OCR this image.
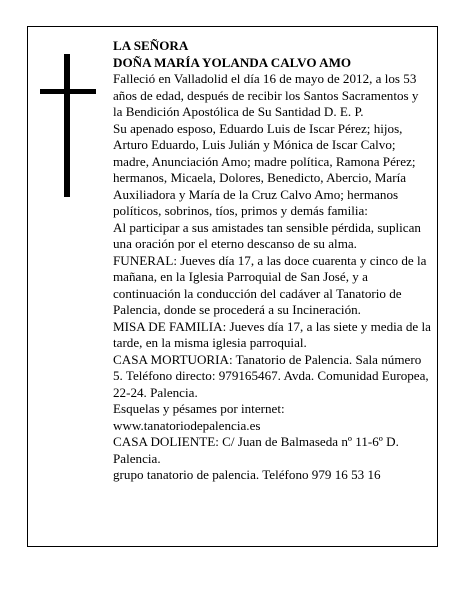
LA SEÑORA

DOÑA MARÍA YOLANDA CALVO AMO

Falleció en Valladolid el día 16 de mayo de 2012, a los 53 años de edad, después de recibir los Santos Sacramentos y la Bendición Apostólica de Su Santidad D. E. P.

Su apenado esposo, Eduardo Luis de Iscar Pérez; hijos, Arturo Eduardo, Luis Julián y Mónica de Iscar Calvo; madre, Anunciación Amo; madre política, Ramona Pérez; hermanos, Micaela, Dolores, Benedicto, Abercio, María Auxiliadora y María de la Cruz Calvo Amo; hermanos políticos, sobrinos, tíos, primos y demás familia:

Al participar a sus amistades tan sensible pérdida, suplican una oración por el eterno descanso de su alma.

FUNERAL: Jueves día 17, a las doce cuarenta y cinco de la mañana, en la Iglesia Parroquial de San José, y a continuación la conducción del cadáver al Tanatorio de Palencia, donde se procederá a su Incineración.

MISA DE FAMILIA: Jueves día 17, a las siete y media de la tarde, en la misma iglesia parroquial.

CASA MORTUORIA: Tanatorio de Palencia. Sala número 5. Teléfono directo: 979165467. Avda. Comunidad Europea, 22-24. Palencia.

Esquelas y pésames por internet: www.tanatoriodepalencia.es

CASA DOLIENTE: C/ Juan de Balmaseda nº 11-6º D. Palencia.

grupo tanatorio de palencia. Teléfono 979 16 53 16
